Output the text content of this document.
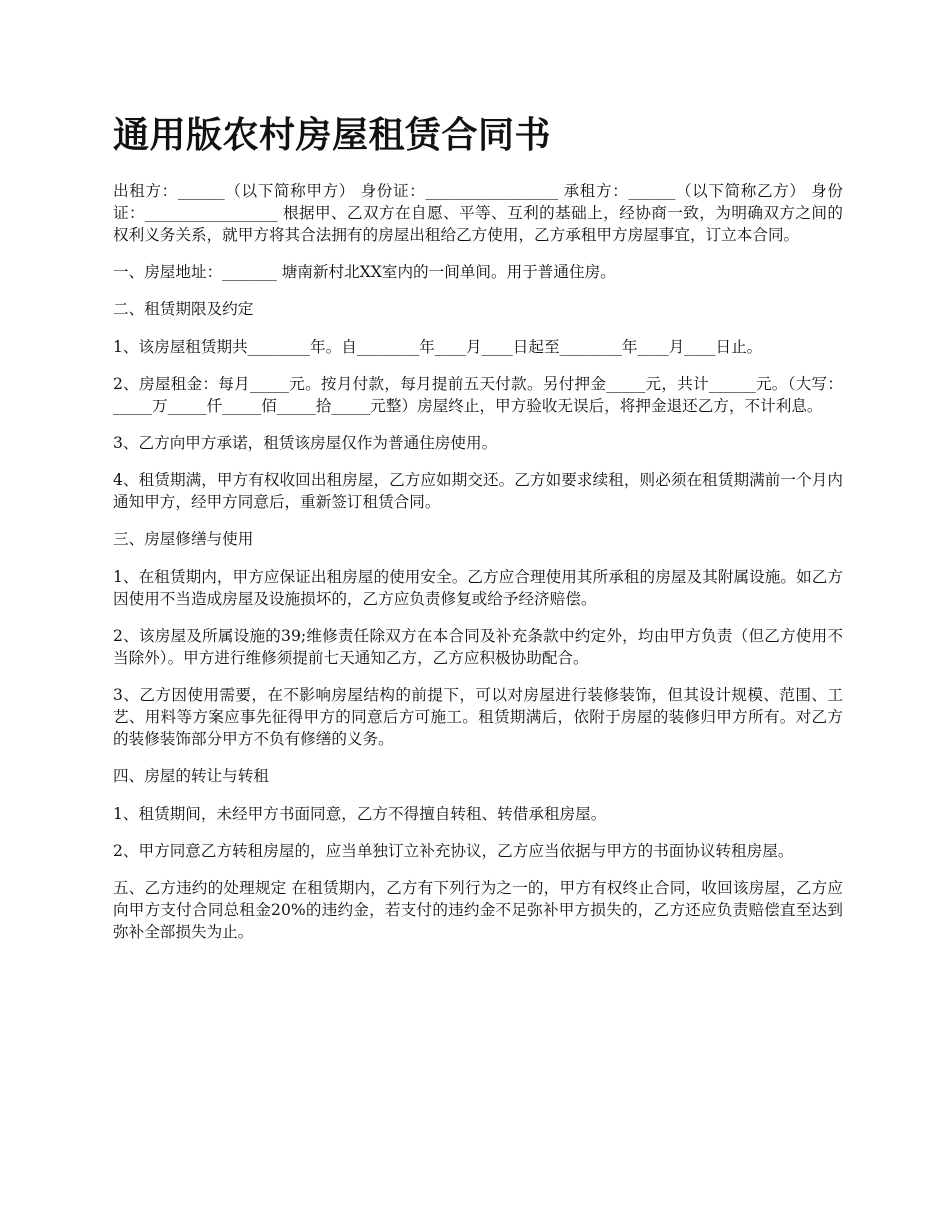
通用版农村房屋租赁合同书

出租方：______（以下简称甲方） 身份证：_________________ 承租方：______（以下简称乙方） 身份证：_________________ 根据甲、乙双方在自愿、平等、互利的基础上，经协商一致，为明确双方之间的权利义务关系，就甲方将其合法拥有的房屋出租给乙方使用，乙方承租甲方房屋事宜，订立本合同。

一、房屋地址：_______ 塘南新村北XX室内的一间单间。用于普通住房。

二、租赁期限及约定

1、该房屋租赁期共________年。自________年____月____日起至________年____月____日止。

2、房屋租金：每月_____元。按月付款，每月提前五天付款。另付押金_____元，共计______元。（大写：_____万_____仟_____佰_____拾_____元整）房屋终止，甲方验收无误后，将押金退还乙方，不计利息。

3、乙方向甲方承诺，租赁该房屋仅作为普通住房使用。

4、租赁期满，甲方有权收回出租房屋，乙方应如期交还。乙方如要求续租，则必须在租赁期满前一个月内通知甲方，经甲方同意后，重新签订租赁合同。

三、房屋修缮与使用

1、在租赁期内，甲方应保证出租房屋的使用安全。乙方应合理使用其所承租的房屋及其附属设施。如乙方因使用不当造成房屋及设施损坏的，乙方应负责修复或给予经济赔偿。

2、该房屋及所属设施的39;维修责任除双方在本合同及补充条款中约定外，均由甲方负责（但乙方使用不当除外）。甲方进行维修须提前七天通知乙方，乙方应积极协助配合。

3、乙方因使用需要，在不影响房屋结构的前提下，可以对房屋进行装修装饰，但其设计规模、范围、工艺、用料等方案应事先征得甲方的同意后方可施工。租赁期满后，依附于房屋的装修归甲方所有。对乙方的装修装饰部分甲方不负有修缮的义务。

四、房屋的转让与转租

1、租赁期间，未经甲方书面同意，乙方不得擅自转租、转借承租房屋。

2、甲方同意乙方转租房屋的，应当单独订立补充协议，乙方应当依据与甲方的书面协议转租房屋。

五、乙方违约的处理规定 在租赁期内，乙方有下列行为之一的，甲方有权终止合同，收回该房屋，乙方应向甲方支付合同总租金20%的违约金，若支付的违约金不足弥补甲方损失的，乙方还应负责赔偿直至达到弥补全部损失为止。
